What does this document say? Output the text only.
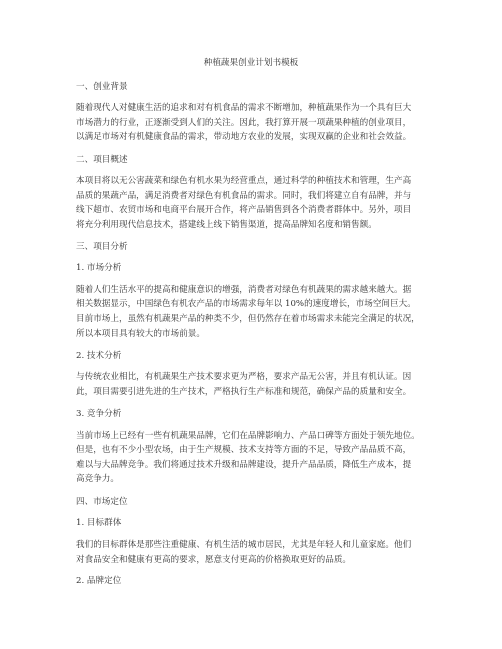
种植蔬果创业计划书模板
一、创业背景
随着现代人对健康生活的追求和对有机食品的需求不断增加，种植蔬果作为一个具有巨大
市场潜力的行业，正逐渐受到人们的关注。因此，我打算开展一项蔬果种植的创业项目，
以满足市场对有机健康食品的需求，带动地方农业的发展，实现双赢的企业和社会效益。
二、项目概述
本项目将以无公害蔬菜和绿色有机水果为经营重点，通过科学的种植技术和管理，生产高
品质的果蔬产品，满足消费者对绿色有机食品的需求。同时，我们将建立自有品牌，并与
线下超市、农贸市场和电商平台展开合作，将产品销售到各个消费者群体中。另外，项目
将充分利用现代信息技术，搭建线上线下销售渠道，提高品牌知名度和销售额。
三、项目分析
1. 市场分析
随着人们生活水平的提高和健康意识的增强，消费者对绿色有机蔬果的需求越来越大。据
相关数据显示，中国绿色有机农产品的市场需求每年以 10%的速度增长，市场空间巨大。
目前市场上，虽然有机蔬果产品的种类不少，但仍然存在着市场需求未能完全满足的状况，
所以本项目具有较大的市场前景。
2. 技术分析
与传统农业相比，有机蔬果生产技术要求更为严格，要求产品无公害，并且有机认证。因
此，项目需要引进先进的生产技术，严格执行生产标准和规范，确保产品的质量和安全。
3. 竞争分析
当前市场上已经有一些有机蔬果品牌，它们在品牌影响力、产品口碑等方面处于领先地位。
但是，也有不少小型农场，由于生产规模、技术支持等方面的不足，导致产品品质不高，
难以与大品牌竞争。我们将通过技术升级和品牌建设，提升产品品质，降低生产成本，提
高竞争力。
四、市场定位
1. 目标群体
我们的目标群体是那些注重健康、有机生活的城市居民，尤其是年轻人和儿童家庭。他们
对食品安全和健康有更高的要求，愿意支付更高的价格换取更好的品质。
2. 品牌定位
